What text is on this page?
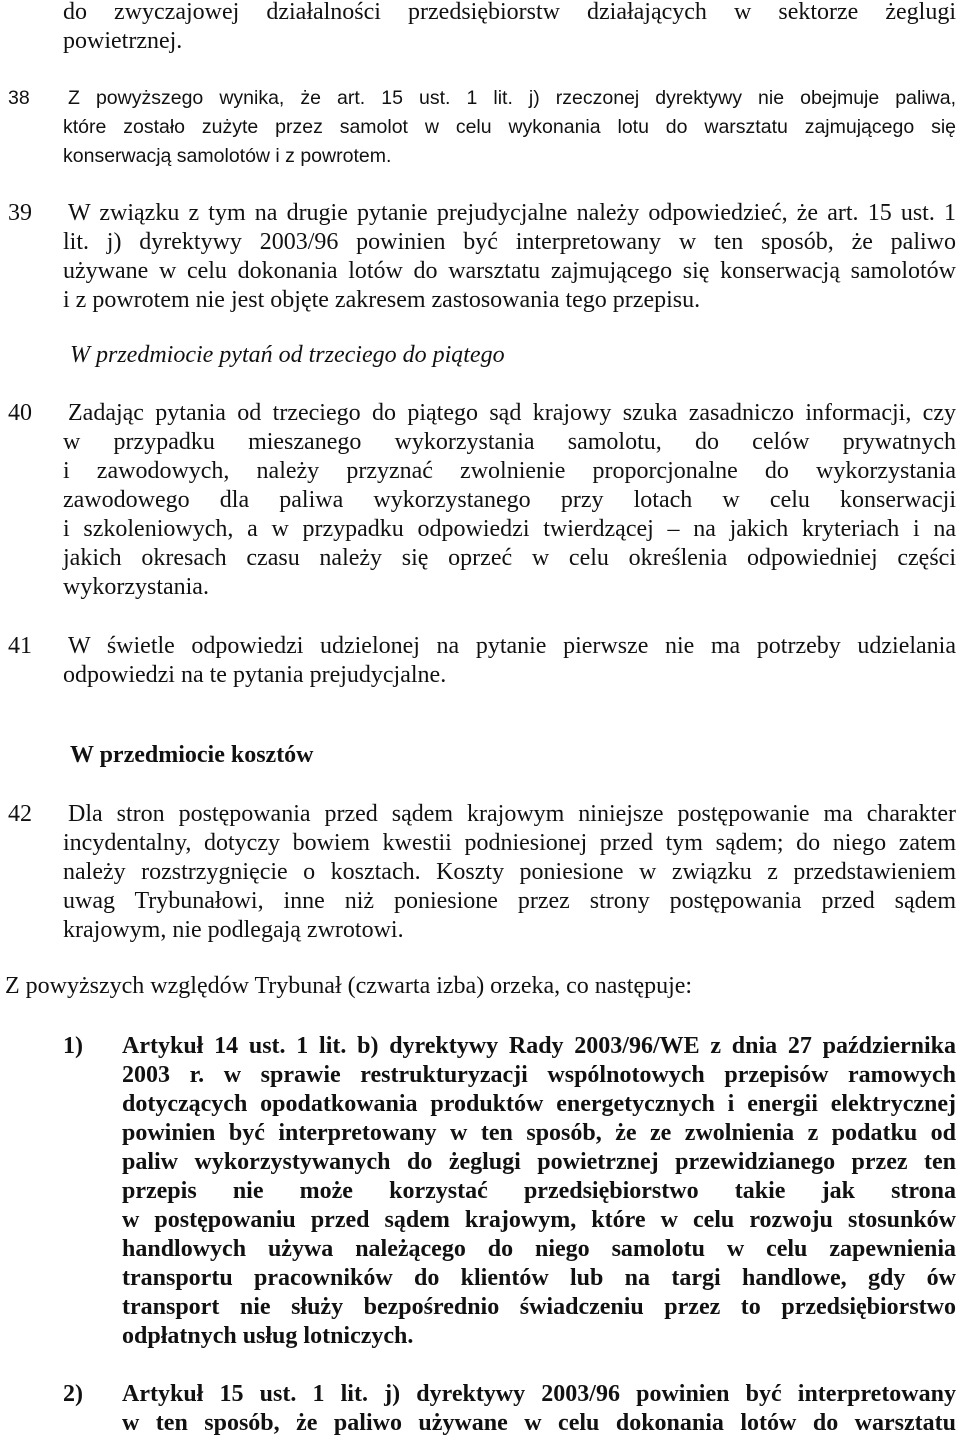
do zwyczajowej działalności przedsiębiorstw działających w sektorze żeglugi
powietrznej.
38 Z powyższego wynika, że art. 15 ust. 1 lit. j) rzeczonej dyrektywy nie obejmuje paliwa,
które zostało zużyte przez samolot w celu wykonania lotu do warsztatu zajmującego się
konserwacją samolotów i z powrotem.
39 W związku z tym na drugie pytanie prejudycjalne należy odpowiedzieć, że art. 15 ust. 1
lit. j) dyrektywy 2003/96 powinien być interpretowany w ten sposób, że paliwo
używane w celu dokonania lotów do warsztatu zajmującego się konserwacją samolotów
i z powrotem nie jest objęte zakresem zastosowania tego przepisu.
W przedmiocie pytań od trzeciego do piątego
40 Zadając pytania od trzeciego do piątego sąd krajowy szuka zasadniczo informacji, czy
w przypadku mieszanego wykorzystania samolotu, do celów prywatnych
i zawodowych, należy przyznać zwolnienie proporcjonalne do wykorzystania
zawodowego dla paliwa wykorzystanego przy lotach w celu konserwacji
i szkoleniowych, a w przypadku odpowiedzi twierdzącej – na jakich kryteriach i na
jakich okresach czasu należy się oprzeć w celu określenia odpowiedniej części
wykorzystania.
41 W świetle odpowiedzi udzielonej na pytanie pierwsze nie ma potrzeby udzielania
odpowiedzi na te pytania prejudycjalne.
W przedmiocie kosztów
42 Dla stron postępowania przed sądem krajowym niniejsze postępowanie ma charakter
incydentalny, dotyczy bowiem kwestii podniesionej przed tym sądem; do niego zatem
należy rozstrzygnięcie o kosztach. Koszty poniesione w związku z przedstawieniem
uwag Trybunałowi, inne niż poniesione przez strony postępowania przed sądem
krajowym, nie podlegają zwrotowi.
Z powyższych względów Trybunał (czwarta izba) orzeka, co następuje:
1) Artykuł 14 ust. 1 lit. b) dyrektywy Rady 2003/96/WE z dnia 27 października
2003 r. w sprawie restrukturyzacji wspólnotowych przepisów ramowych
dotyczących opodatkowania produktów energetycznych i energii elektrycznej
powinien być interpretowany w ten sposób, że ze zwolnienia z podatku od
paliw wykorzystywanych do żeglugi powietrznej przewidzianego przez ten
przepis nie może korzystać przedsiębiorstwo takie jak strona
w postępowaniu przed sądem krajowym, które w celu rozwoju stosunków
handlowych używa należącego do niego samolotu w celu zapewnienia
transportu pracowników do klientów lub na targi handlowe, gdy ów
transport nie służy bezpośrednio świadczeniu przez to przedsiębiorstwo
odpłatnych usług lotniczych.
2) Artykuł 15 ust. 1 lit. j) dyrektywy 2003/96 powinien być interpretowany
w ten sposób, że paliwo używane w celu dokonania lotów do warsztatu
